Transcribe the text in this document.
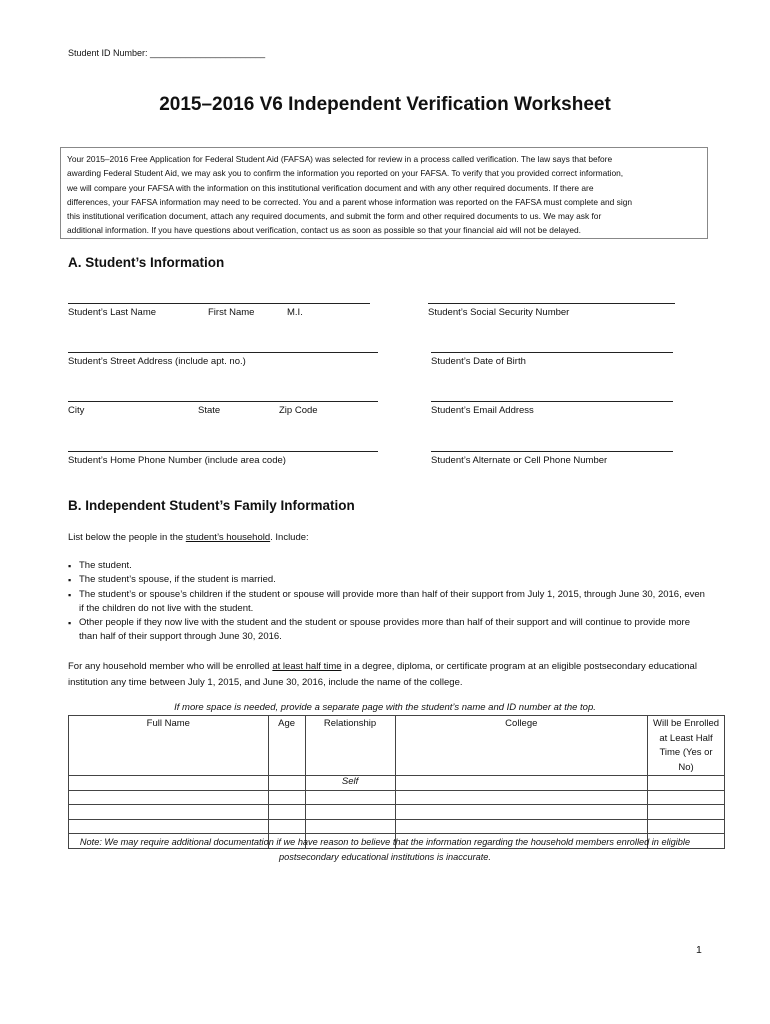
Student ID Number: _______________________
2015–2016 V6 Independent Verification Worksheet

Your 2015–2016 Free Application for Federal Student Aid (FAFSA) was selected for review in a process called verification. The law says that before

awarding Federal Student Aid, we may ask you to confirm the information you reported on your FAFSA. To verify that you provided correct information,

we will compare your FAFSA with the information on this institutional verification document and with any other required documents. If there are

differences, your FAFSA information may need to be corrected. You and a parent whose information was reported on the FAFSA must complete and sign

this institutional verification document, attach any required documents, and submit the form and other required documents to us. We may ask for

additional information. If you have questions about verification, contact us as soon as possible so that your financial aid will not be delayed.

A. Student’s Information
Student’s Last Name	First Name	M.I.	Student’s Social Security Number
Student’s Street Address (include apt. no.)	Student’s Date of Birth
City	State	Zip Code	Student’s Email Address
Student’s Home Phone Number (include area code)	Student’s Alternate or Cell Phone Number
B. Independent Student’s Family Information
List below the people in the student’s household. Include:
▪ The student.
▪ The student’s spouse, if the student is married.
▪ The student’s or spouse’s children if the student or spouse will provide more than half of their support from July 1, 2015, through June 30, 2016, even if the children do not live with the student.
▪ Other people if they now live with the student and the student or spouse provides more than half of their support and will continue to provide more than half of their support through June 30, 2016.
For any household member who will be enrolled at least half time in a degree, diploma, or certificate program at an eligible postsecondary educational institution any time between July 1, 2015, and June 30, 2016, include the name of the college.
If more space is needed, provide a separate page with the student’s name and ID number at the top.
Full Name	Age	Relationship	College	Will be Enrolled at Least Half Time (Yes or No)
		Self		

Note: We may require additional documentation if we have reason to believe that the information regarding the household members enrolled in eligible postsecondary educational institutions is inaccurate.
1
